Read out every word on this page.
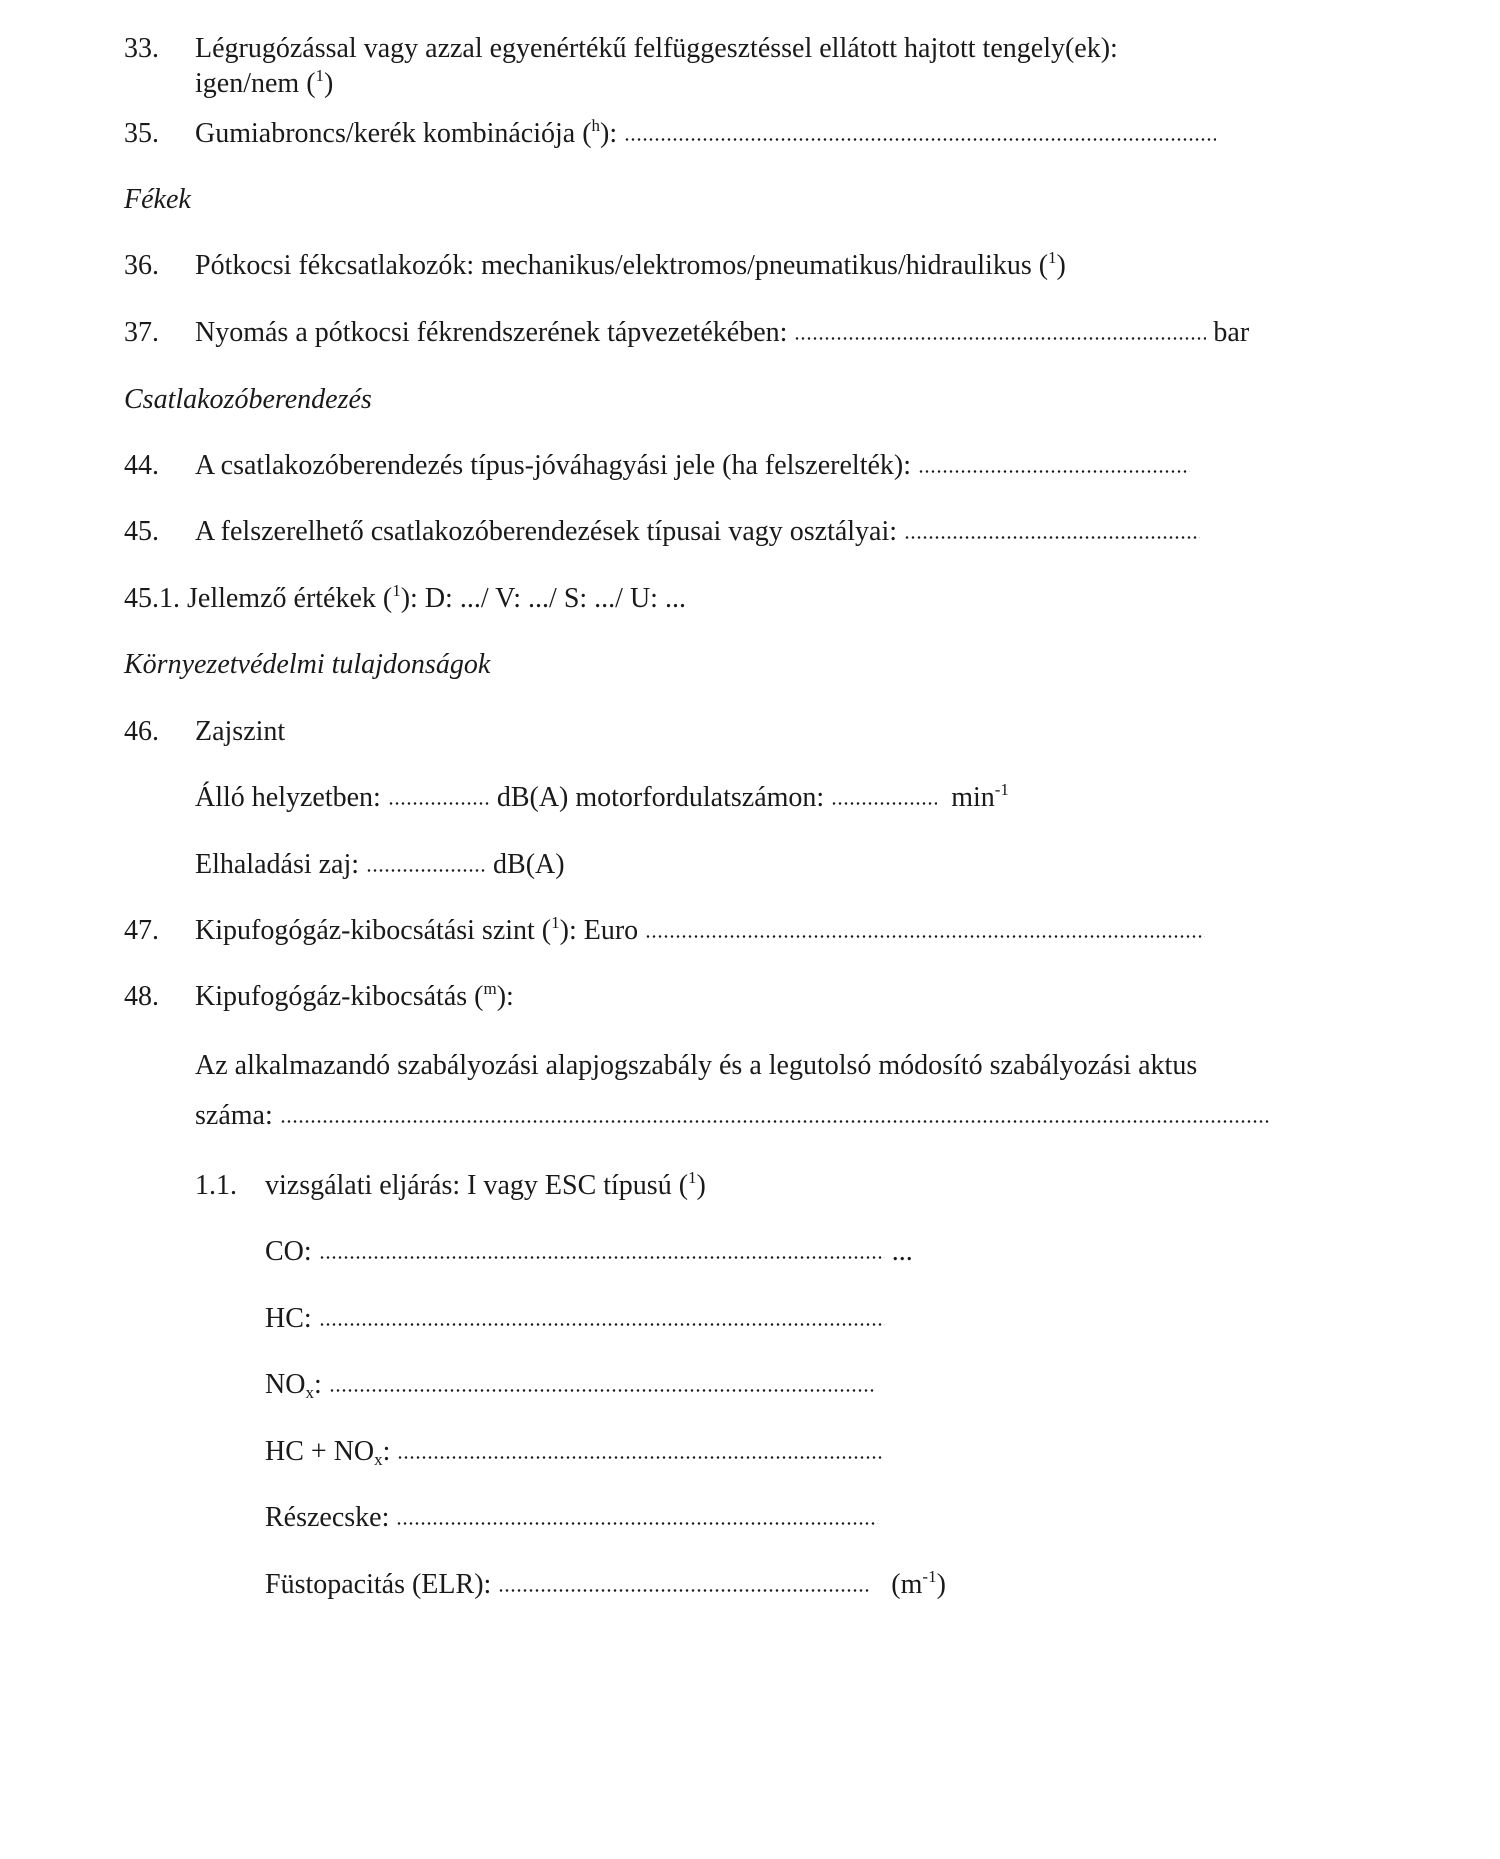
33. Légrugózással vagy azzal egyenértékű felfüggesztéssel ellátott hajtott tengely(ek):
igen/nem ($^1$)
35. Gumiabroncs/kerék kombinációja ($^h$):
Fékek
36. Pótkocsi fékcsatlakozók: mechanikus/elektromos/pneumatikus/hidraulikus ($^1$)
37. Nyomás a pótkocsi fékrendszerének tápvezetékében:	bar
Csatlakozóberendezés
44. A csatlakozóberendezés típus-jóváhagyási jele (ha felszerelték):
45. A felszerelhető csatlakozóberendezések típusai vagy osztályai:
45.1. Jellemző értékek ($^1$): D: .../ V: .../ S: .../ U: ...
Környezetvédelmi tulajdonságok
46. Zajszint
Álló helyzetben:	dB(A) motorfordulatszámon:	$\min^{-1}$
Elhaladási zaj:	dB(A)
47. Kipufogógáz-kibocsátási szint ($^1$): Euro
48. Kipufogógáz-kibocsátás ($^m$):
Az alkalmazandó szabályozási alapjogszabály és a legutolsó módosító szabályozási aktus
száma:
1.1. vizsgálati eljárás: I vagy ESC típusú ($^1$)
CO:	...
HC:
$NO_x$:
HC + $NO_x$:
Részecske:
Füstopacitás (ELR):	$(m^{-1})$
